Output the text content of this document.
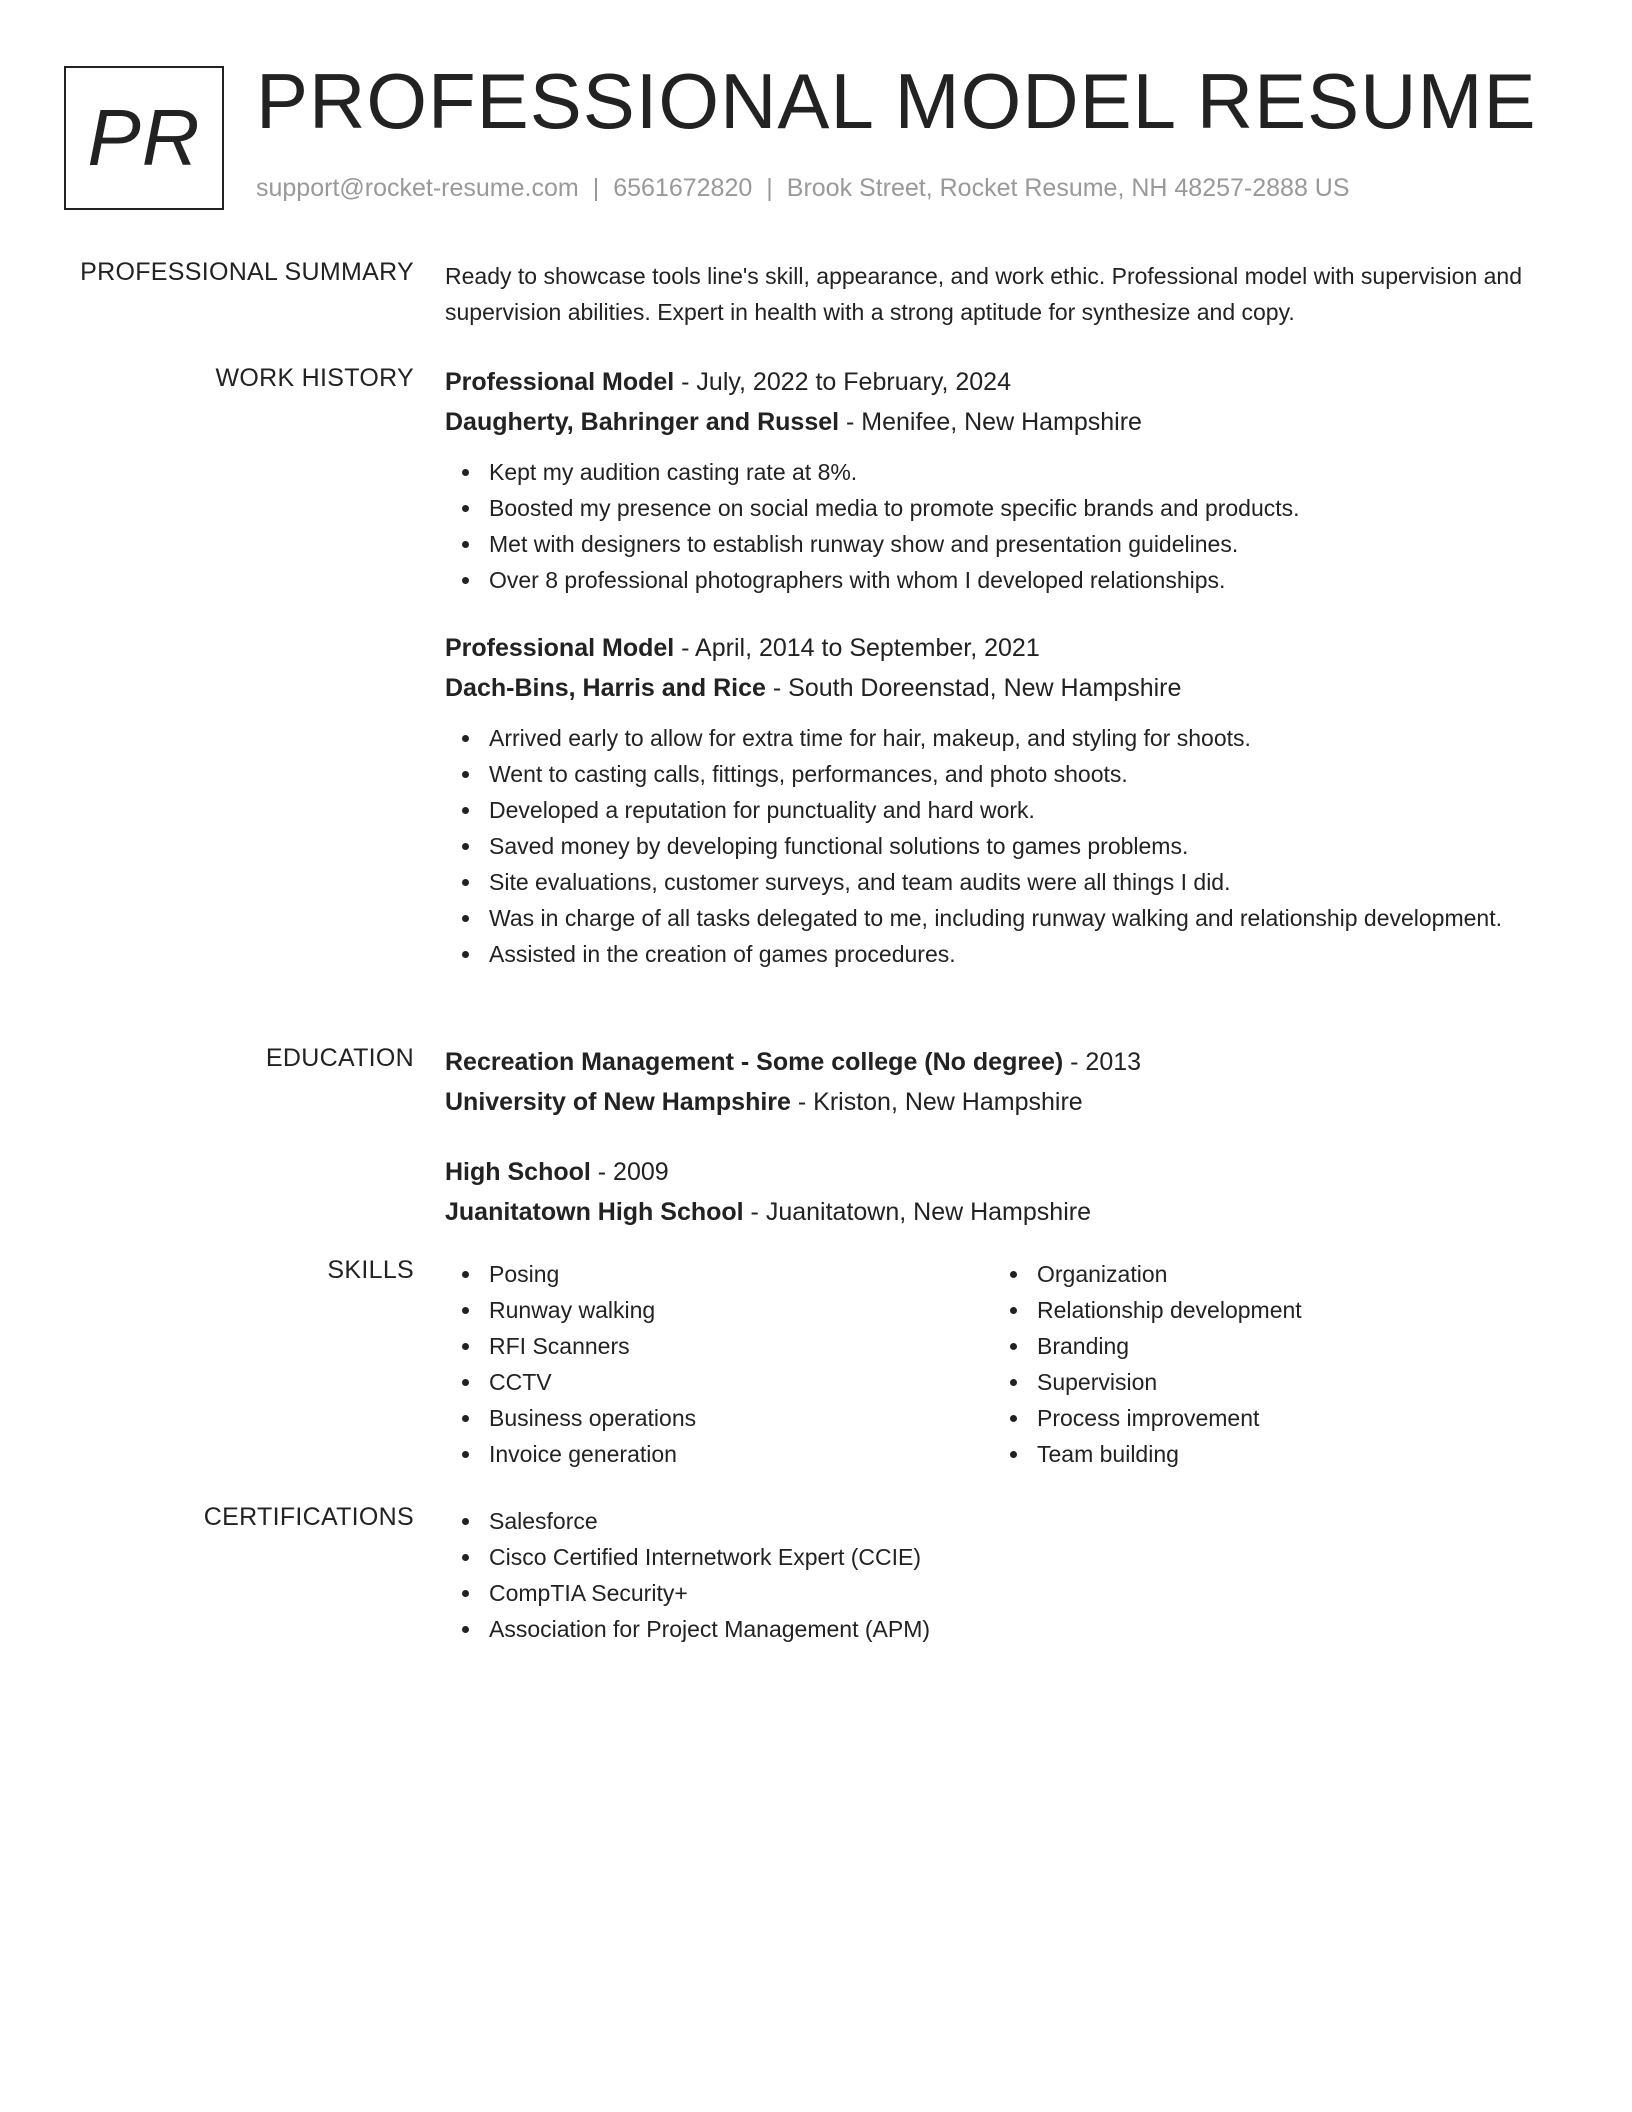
PR PROFESSIONAL MODEL RESUME
support@rocket-resume.com | 6561672820 | Brook Street, Rocket Resume, NH 48257-2888 US
PROFESSIONAL SUMMARY Ready to showcase tools line's skill, appearance, and work ethic. Professional model with supervision and supervision abilities. Expert in health with a strong aptitude for synthesize and copy.

WORK HISTORY Professional Model - July, 2022 to February, 2024
Daugherty, Bahringer and Russel - Menifee, New Hampshire
Kept my audition casting rate at 8%.
Boosted my presence on social media to promote specific brands and products.
Met with designers to establish runway show and presentation guidelines.
Over 8 professional photographers with whom I developed relationships.
Professional Model - April, 2014 to September, 2021
Dach-Bins, Harris and Rice - South Doreenstad, New Hampshire
Arrived early to allow for extra time for hair, makeup, and styling for shoots.
Went to casting calls, fittings, performances, and photo shoots.
Developed a reputation for punctuality and hard work.
Saved money by developing functional solutions to games problems.
Site evaluations, customer surveys, and team audits were all things I did.
Was in charge of all tasks delegated to me, including runway walking and relationship development.
Assisted in the creation of games procedures.
EDUCATION Recreation Management - Some college (No degree) - 2013
University of New Hampshire - Kriston, New Hampshire
High School - 2009
Juanitatown High School - Juanitatown, New Hampshire
SKILLS	Posing
Runway walking
RFI Scanners
CCTV
Business operations
Invoice generation
Organization
Relationship development
Branding
Supervision
Process improvement
Team building
CERTIFICATIONS	Salesforce
Cisco Certified Internetwork Expert (CCIE)
CompTIA Security+
Association for Project Management (APM)
